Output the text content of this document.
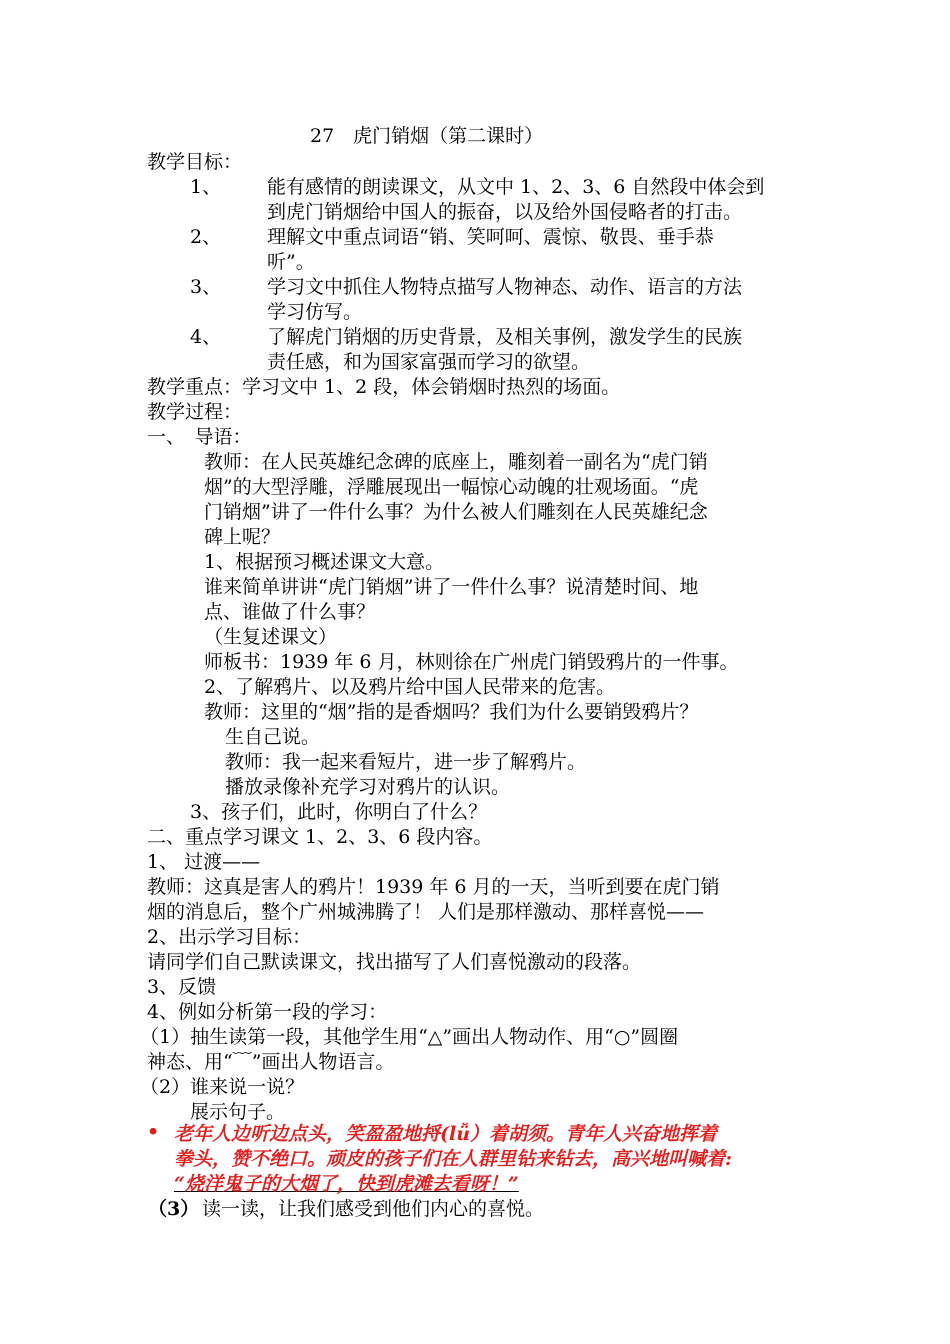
27　虎门销烟（第二课时）
教学目标：
1、 能有感情的朗读课文，从文中 1、2、3、6 自然段中体会到
到虎门销烟给中国人的振奋，以及给外国侵略者的打击。
2、 理解文中重点词语“销、笑呵呵、震惊、敬畏、垂手恭
听”。
3、 学习文中抓住人物特点描写人物神态、动作、语言的方法
学习仿写。
4、 了解虎门销烟的历史背景，及相关事例，激发学生的民族
责任感，和为国家富强而学习的欲望。
教学重点：学习文中 1、2 段，体会销烟时热烈的场面。
教学过程：
一、　导语：
教师：在人民英雄纪念碑的底座上，雕刻着一副名为“虎门销
烟”的大型浮雕，浮雕展现出一幅惊心动魄的壮观场面。“虎
门销烟”讲了一件什么事？为什么被人们雕刻在人民英雄纪念
碑上呢？
1、根据预习概述课文大意。
谁来简单讲讲“虎门销烟”讲了一件什么事？说清楚时间、地
点、谁做了什么事？
（生复述课文）
师板书：1939 年 6 月，林则徐在广州虎门销毁鸦片的一件事。
2、了解鸦片、以及鸦片给中国人民带来的危害。
教师：这里的“烟”指的是香烟吗？我们为什么要销毁鸦片？
生自己说。
教师：我一起来看短片，进一步了解鸦片。
播放录像补充学习对鸦片的认识。
3、孩子们，此时，你明白了什么？
二、重点学习课文 1、2、3、6 段内容。
1、 过渡——
教师：这真是害人的鸦片！1939 年 6 月的一天，当听到要在虎门销
烟的消息后，整个广州城沸腾了！ 人们是那样激动、那样喜悦——
2、出示学习目标：
请同学们自己默读课文，找出描写了人们喜悦激动的段落。
3、反馈
4、例如分析第一段的学习：
（1）抽生读第一段，其他学生用“△”画出人物动作、用“○”圆圈
神态、用“﹋”画出人物语言。
（2）谁来说一说？
展示句子。
• 老年人边听边点头，笑盈盈地捋(lǚ）着胡须。青年人兴奋地挥着
拳头，赞不绝口。顽皮的孩子们在人群里钻来钻去，高兴地叫喊着:
“烧洋鬼子的大烟了，快到虎滩去看呀！”
（3） 读一读，让我们感受到他们内心的喜悦。
